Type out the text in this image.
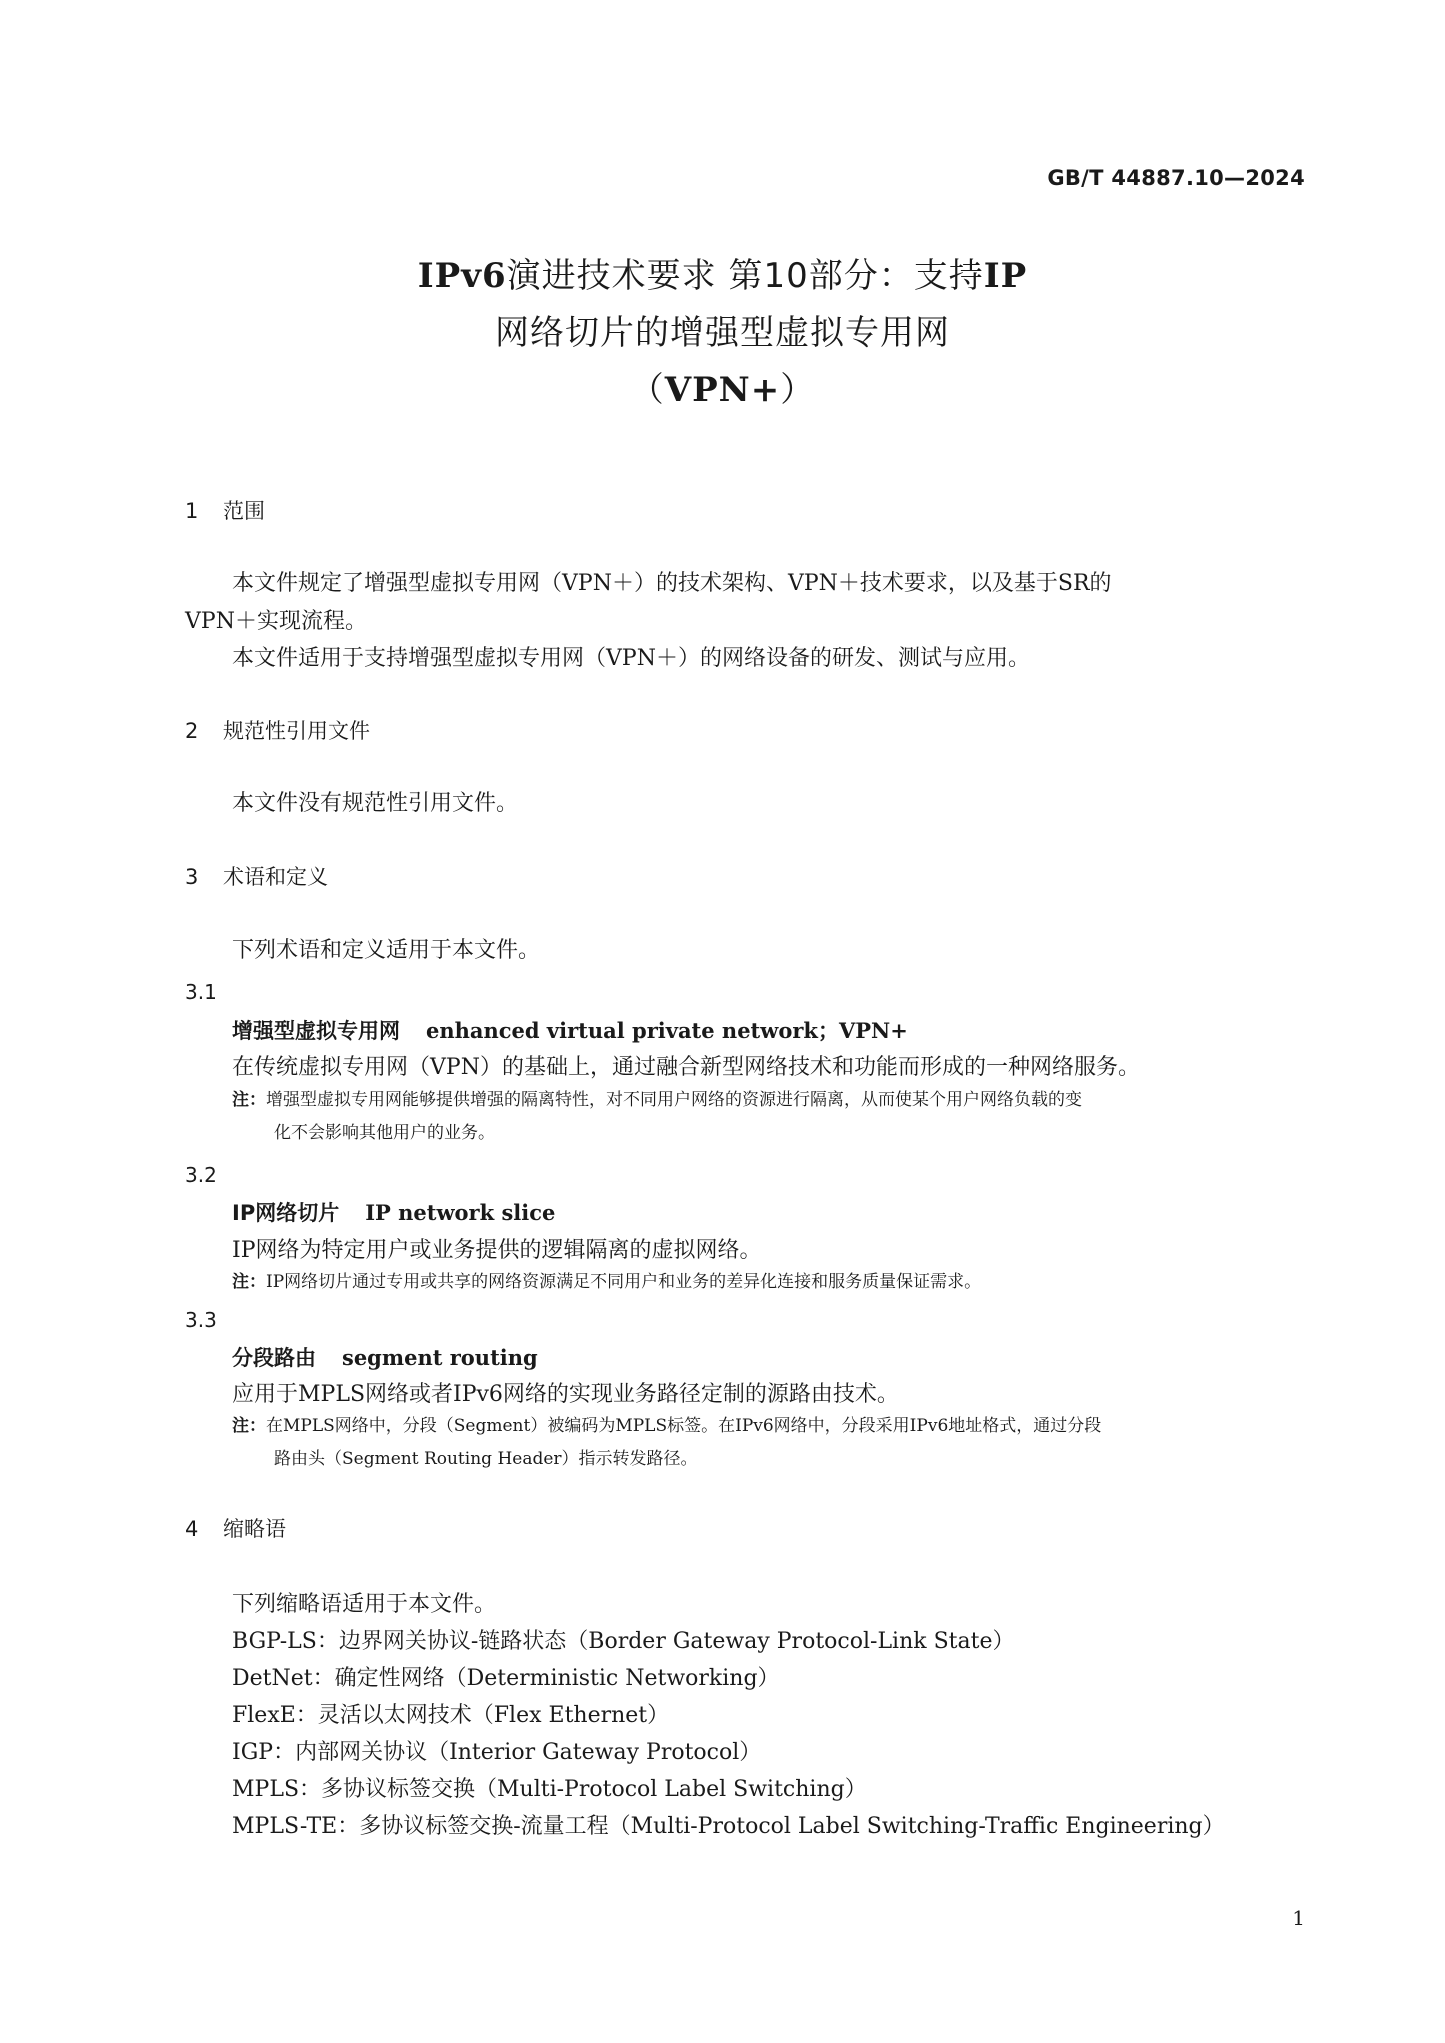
GB/T 44887.10—2024
IPv6演进技术要求 第10部分：支持IP
网络切片的增强型虚拟专用网
（VPN+）
1 范围
本文件规定了增强型虚拟专用网（VPN＋）的技术架构、VPN＋技术要求，以及基于SR的
VPN＋实现流程。
本文件适用于支持增强型虚拟专用网（VPN＋）的网络设备的研发、测试与应用。
2 规范性引用文件
本文件没有规范性引用文件。
3 术语和定义
下列术语和定义适用于本文件。
3.1
增强型虚拟专用网 enhanced virtual private network；VPN+
在传统虚拟专用网（VPN）的基础上，通过融合新型网络技术和功能而形成的一种网络服务。
注：增强型虚拟专用网能够提供增强的隔离特性，对不同用户网络的资源进行隔离，从而使某个用户网络负载的变
化不会影响其他用户的业务。
3.2
IP网络切片 IP network slice
IP网络为特定用户或业务提供的逻辑隔离的虚拟网络。
注：IP网络切片通过专用或共享的网络资源满足不同用户和业务的差异化连接和服务质量保证需求。
3.3
分段路由 segment routing
应用于MPLS网络或者IPv6网络的实现业务路径定制的源路由技术。
注：在MPLS网络中，分段（Segment）被编码为MPLS标签。在IPv6网络中，分段采用IPv6地址格式，通过分段
路由头（Segment Routing Header）指示转发路径。
4 缩略语
下列缩略语适用于本文件。
BGP-LS：边界网关协议-链路状态（Border Gateway Protocol-Link State）
DetNet：确定性网络（Deterministic Networking）
FlexE：灵活以太网技术（Flex Ethernet）
IGP：内部网关协议（Interior Gateway Protocol）
MPLS：多协议标签交换（Multi-Protocol Label Switching）
MPLS-TE：多协议标签交换-流量工程（Multi-Protocol Label Switching-Traffic Engineering）
1
